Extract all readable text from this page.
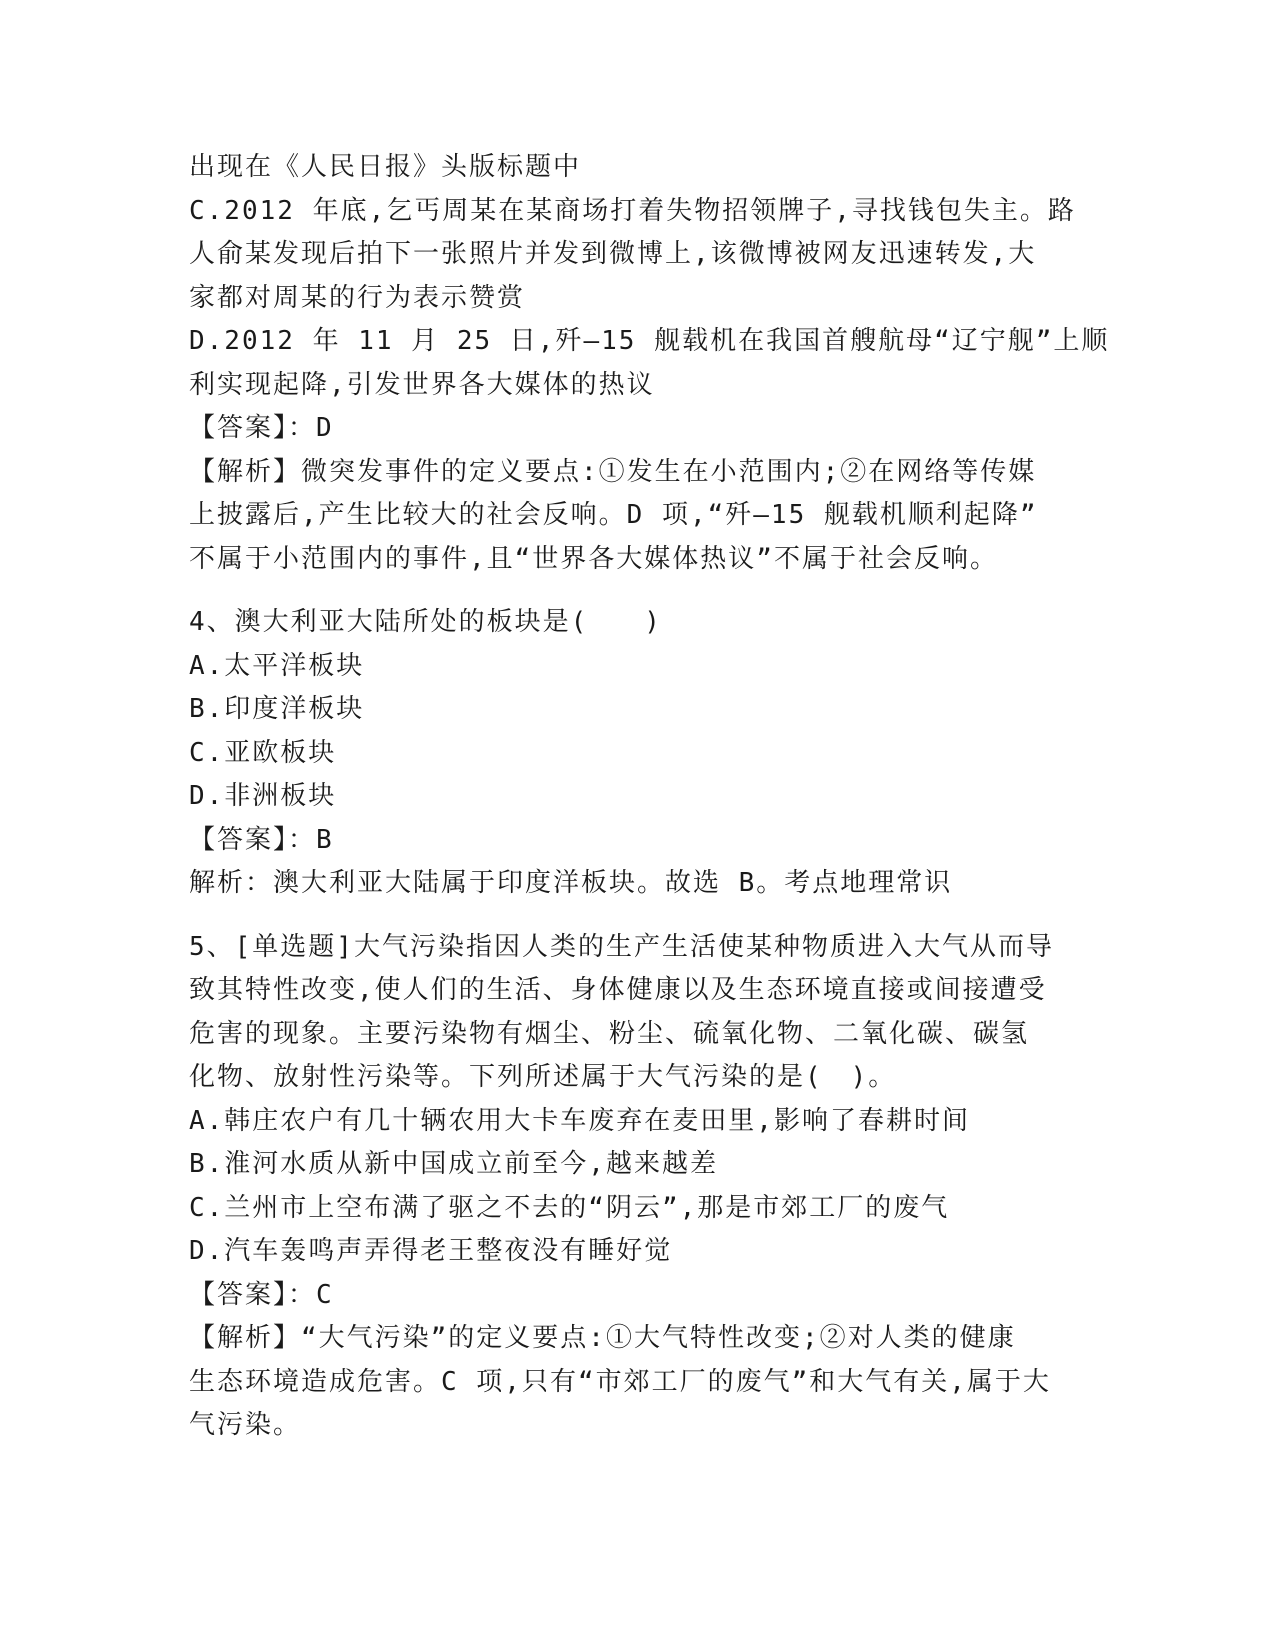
出现在《人民日报》头版标题中
C.2012 年底,乞丐周某在某商场打着失物招领牌子,寻找钱包失主。路
人俞某发现后拍下一张照片并发到微博上,该微博被网友迅速转发,大
家都对周某的行为表示赞赏
D.2012 年 11 月 25 日,歼—15 舰载机在我国首艘航母“辽宁舰”上顺
利实现起降,引发世界各大媒体的热议
【答案】：D
【解析】微突发事件的定义要点:①发生在小范围内;②在网络等传媒
上披露后,产生比较大的社会反响。D 项,“歼—15 舰载机顺利起降”
不属于小范围内的事件,且“世界各大媒体热议”不属于社会反响。
4、澳大利亚大陆所处的板块是(　　)
A.太平洋板块
B.印度洋板块
C.亚欧板块
D.非洲板块
【答案】：B
解析：澳大利亚大陆属于印度洋板块。故选 B。考点地理常识
5、[单选题]大气污染指因人类的生产生活使某种物质进入大气从而导
致其特性改变,使人们的生活、身体健康以及生态环境直接或间接遭受
危害的现象。主要污染物有烟尘、粉尘、硫氧化物、二氧化碳、碳氢
化物、放射性污染等。下列所述属于大气污染的是(　)。
A.韩庄农户有几十辆农用大卡车废弃在麦田里,影响了春耕时间
B.淮河水质从新中国成立前至今,越来越差
C.兰州市上空布满了驱之不去的“阴云”,那是市郊工厂的废气
D.汽车轰鸣声弄得老王整夜没有睡好觉
【答案】：C
【解析】“大气污染”的定义要点:①大气特性改变;②对人类的健康
生态环境造成危害。C 项,只有“市郊工厂的废气”和大气有关,属于大
气污染。
